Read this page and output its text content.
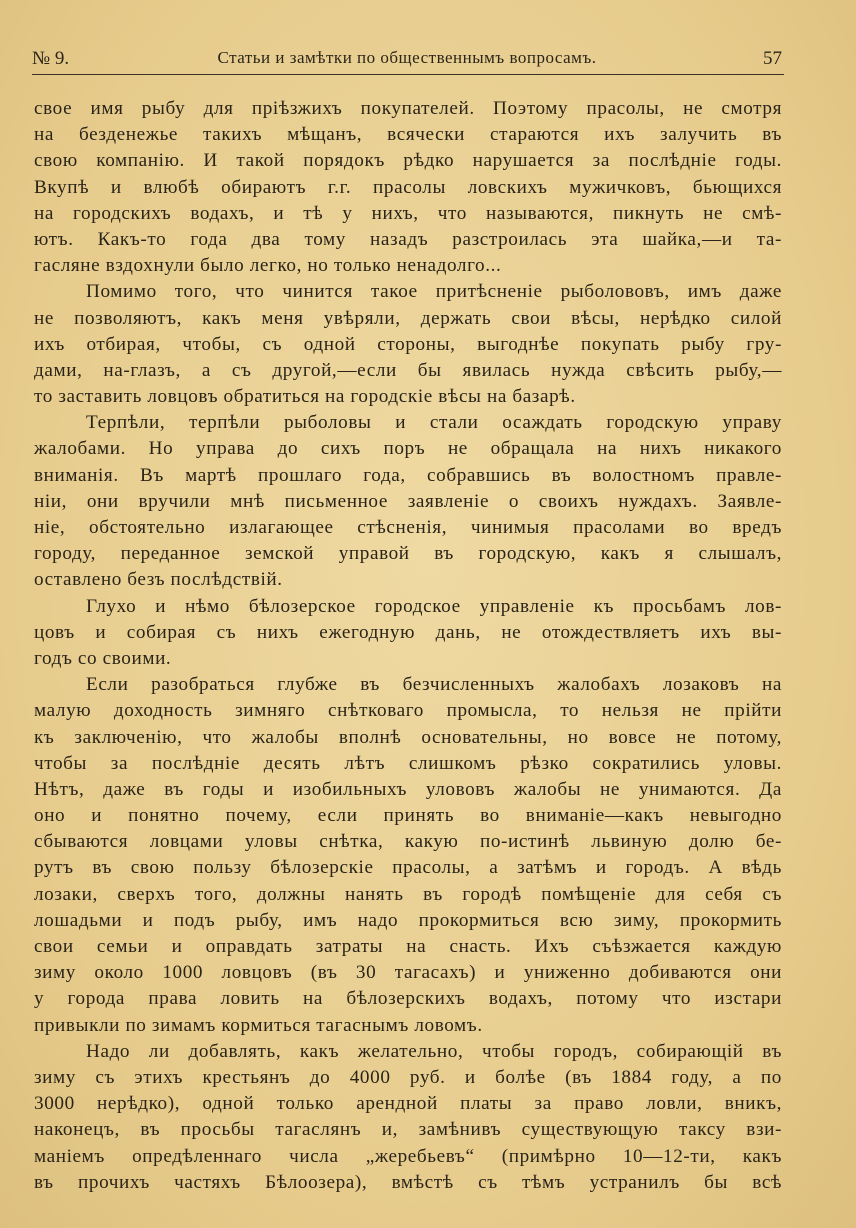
№ 9.	Статьи и замѣтки по общественнымъ вопросамъ.	57
свое имя рыбу для пріѣзжихъ покупателей. Поэтому прасолы, не смотря
на безденежье такихъ мѣщанъ, всячески стараются ихъ залучить въ
свою компанію. И такой порядокъ рѣдко нарушается за послѣдніе годы.
Вкупѣ и влюбѣ обираютъ г.г. прасолы ловскихъ мужичковъ, бьющихся
на городскихъ водахъ, и тѣ у нихъ, что называются, пикнуть не смѣ-
ютъ. Какъ-то года два тому назадъ разстроилась эта шайка,—и та-
гасляне вздохнули было легко, но только ненадолго...
Помимо того, что чинится такое притѣсненіе рыболововъ, имъ даже
не позволяютъ, какъ меня увѣряли, держать свои вѣсы, нерѣдко силой
ихъ отбирая, чтобы, съ одной стороны, выгоднѣе покупать рыбу гру-
дами, на-глазъ, а съ другой,—если бы явилась нужда свѣсить рыбу,—
то заставить ловцовъ обратиться на городскіе вѣсы на базарѣ.
Терпѣли, терпѣли рыболовы и стали осаждать городскую управу
жалобами. Но управа до сихъ поръ не обращала на нихъ никакого
вниманія. Въ мартѣ прошлаго года, собравшись въ волостномъ правле-
ніи, они вручили мнѣ письменное заявленіе о своихъ нуждахъ. Заявле-
ніе, обстоятельно излагающее стѣсненія, чинимыя прасолами во вредъ
городу, переданное земской управой въ городскую, какъ я слышалъ,
оставлено безъ послѣдствій.
Глухо и нѣмо бѣлозерское городское управленіе къ просьбамъ лов-
цовъ и собирая съ нихъ ежегодную дань, не отождествляетъ ихъ вы-
годъ со своими.
Если разобраться глубже въ безчисленныхъ жалобахъ лозаковъ на
малую доходность зимняго снѣтковаго промысла, то нельзя не прійти
къ заключенію, что жалобы вполнѣ основательны, но вовсе не потому,
чтобы за послѣдніе десять лѣтъ слишкомъ рѣзко сократились уловы.
Нѣтъ, даже въ годы и изобильныхъ улововъ жалобы не унимаются. Да
оно и понятно почему, если принять во вниманіе—какъ невыгодно
сбываются ловцами уловы снѣтка, какую по-истинѣ львиную долю бе-
рутъ въ свою пользу бѣлозерскіе прасолы, а затѣмъ и городъ. А вѣдь
лозаки, сверхъ того, должны нанять въ городѣ помѣщеніе для себя съ
лошадьми и подъ рыбу, имъ надо прокормиться всю зиму, прокормить
свои семьи и оправдать затраты на снасть. Ихъ съѣзжается каждую
зиму около 1000 ловцовъ (въ 30 тагасахъ) и униженно добиваются они
у города права ловить на бѣлозерскихъ водахъ, потому что изстари
привыкли по зимамъ кормиться тагаснымъ ловомъ.
Надо ли добавлять, какъ желательно, чтобы городъ, собирающій въ
зиму съ этихъ крестьянъ до 4000 руб. и болѣе (въ 1884 году, а по
3000 нерѣдко), одной только арендной платы за право ловли, вникъ,
наконецъ, въ просьбы тагаслянъ и, замѣнивъ существующую таксу взи-
маніемъ опредѣленнаго числа „жеребьевъ“ (примѣрно 10—12-ти, какъ
въ прочихъ частяхъ Бѣлоозера), вмѣстѣ съ тѣмъ устранилъ бы всѣ
